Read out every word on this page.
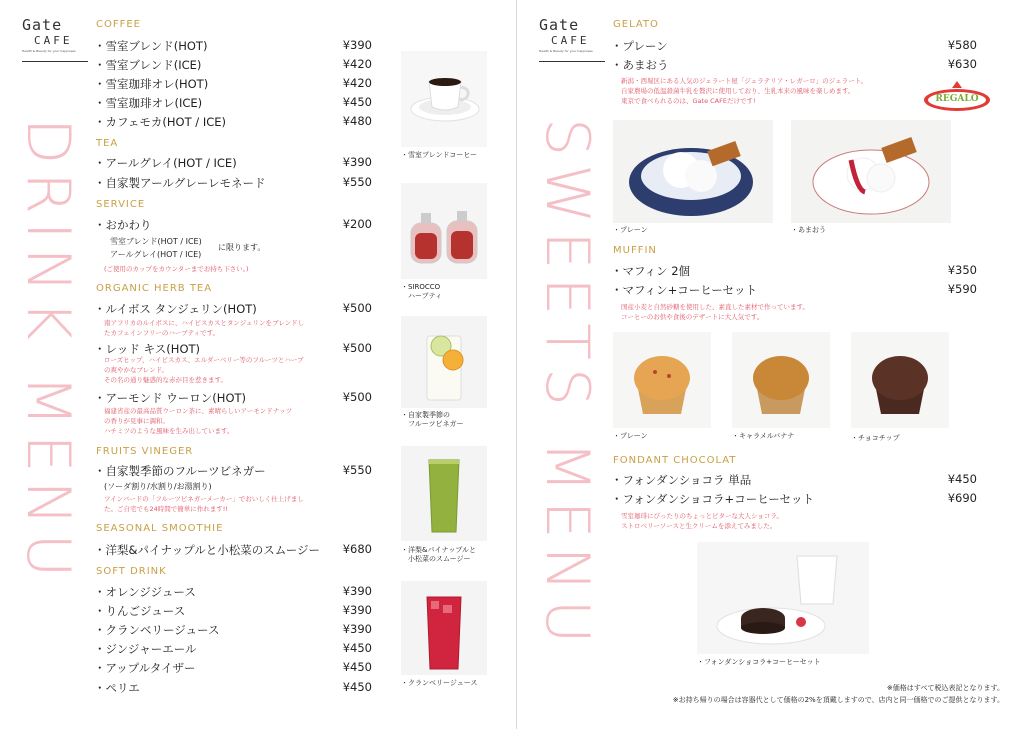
Gate
CAFE
Health & Beauty for your happiness
DRINK MENU
COFFEE
・雪室ブレンド(HOT)	¥390
・雪室ブレンド(ICE)	¥420
・雪室珈琲オレ(HOT)	¥420
・雪室珈琲オレ(ICE)	¥450
・カフェモカ(HOT / ICE)	¥480
TEA
・アールグレイ(HOT / ICE)	¥390
・自家製アールグレーレモネード	¥550
SERVICE
・おかわり	¥200
雪室ブレンド(HOT / ICE)
アールグレイ(HOT / ICE)
に限ります。
(ご使用のカップをカウンターまでお持ち下さい。)
ORGANIC HERB TEA
・ルイボス タンジェリン(HOT)	¥500
南アフリカのルイボスに、ハイビスカスとタンジェリンをブレンドし
たカフェインフリーのハーブティです。
・レッド キス(HOT)	¥500
ローズヒップ、ハイビスカス、エルダーベリー等のフルーツとハーブ
の爽やかなブレンド。
その名の通り魅惑的な赤が目を惹きます。
・アーモンド ウーロン(HOT)	¥500
福建省産の最高品質ウーロン茶に、素晴らしいアーモンドナッツ
の香りが見事に調和。
ハチミツのような風味を生み出しています。
FRUITS VINEGER
・自家製季節のフルーツビネガー	¥550
(ソーダ割り/水割り/お湯割り)
ツインバードの「フルーツビネガーメーカー」でおいしく仕上げまし
た。ご自宅でも24時間で簡単に作れます!!
SEASONAL SMOOTHIE
・洋梨&パイナップルと小松菜のスムージー	¥680
SOFT DRINK
・オレンジジュース	¥390
・りんごジュース	¥390
・クランベリージュース	¥390
・ジンジャーエール	¥450
・アップルタイザー	¥450
・ペリエ	¥450
・雪室ブレンドコーヒー
・SIROCCO
ハーブティ
・自家製季節の
フルーツビネガー
・洋梨&パイナップルと
小松菜のスムージー
・クランベリージュース
Gate
CAFE
Health & Beauty for your happiness
SWEETS MENU
GELATO
・プレーン	¥580
・あまおう	¥630
新潟・西堀区にある人気のジェラート屋「ジェラテリア・レガーロ」のジェラート。
自家農場の低温殺菌牛乳を贅沢に使用しており、生乳本来の風味を楽しめます。
東京で食べられるのは、Gate CAFEだけです!	REGALO
・プレーン	・あまおう
MUFFIN
・マフィン 2個	¥350
・マフィン+コーヒーセット	¥590
国産小麦と自然砂糖を使用した、素直した素材で作っています。
コーヒーのお供や食後のデザートに大人気です。
・プレーン	・キャラメルバナナ	・チョコチップ
FONDANT CHOCOLAT
・フォンダンショコラ 単品	¥450
・フォンダンショコラ+コーヒーセット	¥690
雪室珈琲にぴったりのちょっとビターな大人ショコラ。
ストロベリーソースと生クリームを添えてみました。
・フォンダンショコラ+コーヒーセット
※価格はすべて税込表記となります。
※お持ち帰りの場合は容器代として価格の2%を頂戴しますので、店内と同一価格でのご提供となります。
